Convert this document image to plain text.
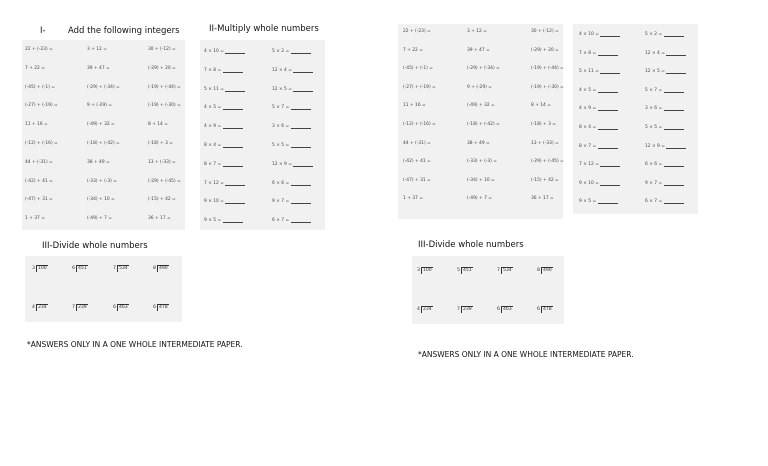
I-	Add the following integers	II-Multiply whole numbers
22 + (-23) =	3 + 12 =	30 + (-12) =
7 + 22 =	39 + 47 =	(-29) + 20 =
(-45) + (-1) =	(-29) + (-34) =	(-19) + (-44) =
(-27) + (-19) =	9 + (-29) =	(-19) + (-30) =
11 + 16 =	(-49) + 32 =	8 + 14 =
(-12) + (-16) =	(-18) + (-42) =	(-18) + 3 =
44 + (-31) =	38 + 49 =	13 + (-33) =
(-42) + 41 =	(-33) + (-3) =	(-29) + (-45) =
(-47) + 31 =	(-34) + 10 =	(-15) + 42 =
1 + 37 =	(-49) + 7 =	36 + 17 =
4 × 10 =	5 × 2 =
7 × 8 =	12 × 4 =
5 × 11 =	12 × 5 =
4 × 5 =	5 × 7 =
4 × 9 =	3 × 6 =
8 × 4 =	5 × 5 =
8 × 7 =	12 × 9 =
7 × 12 =	6 × 6 =
9 × 10 =	9 × 7 =
9 × 5 =	6 × 7 =
III-Divide whole numbers
3 100	6 451	7 534	8 490
4 234	7 239	6 463	6 478
*ANSWERS ONLY IN A ONE WHOLE INTERMEDIATE PAPER.
22 + (-23) =	3 + 12 =	30 + (-12) =
7 + 22 =	39 + 47 =	(-29) + 20 =
(-45) + (-1) =	(-29) + (-34) =	(-19) + (-44) =
(-27) + (-19) =	9 + (-29) =	(-19) + (-30) =
11 + 16 =	(-49) + 32 =	8 + 14 =
(-12) + (-16) =	(-18) + (-42) =	(-18) + 3 =
44 + (-31) =	38 + 49 =	13 + (-33) =
(-42) + 41 =	(-33) + (-3) =	(-29) + (-45) =
(-47) + 31 =	(-34) + 10 =	(-15) + 42 =
1 + 37 =	(-49) + 7 =	36 + 17 =
4 × 10 =	5 × 2 =
7 × 8 =	12 × 4 =
5 × 11 =	12 × 5 =
4 × 5 =	5 × 7 =
4 × 9 =	3 × 6 =
8 × 4 =	5 × 5 =
8 × 7 =	12 × 9 =
7 × 12 =	6 × 6 =
9 × 10 =	9 × 7 =
9 × 5 =	6 × 7 =
III-Divide whole numbers
3 100	5 451	7 534	8 490
4 234	7 239	6 463	6 478
*ANSWERS ONLY IN A ONE WHOLE INTERMEDIATE PAPER.
